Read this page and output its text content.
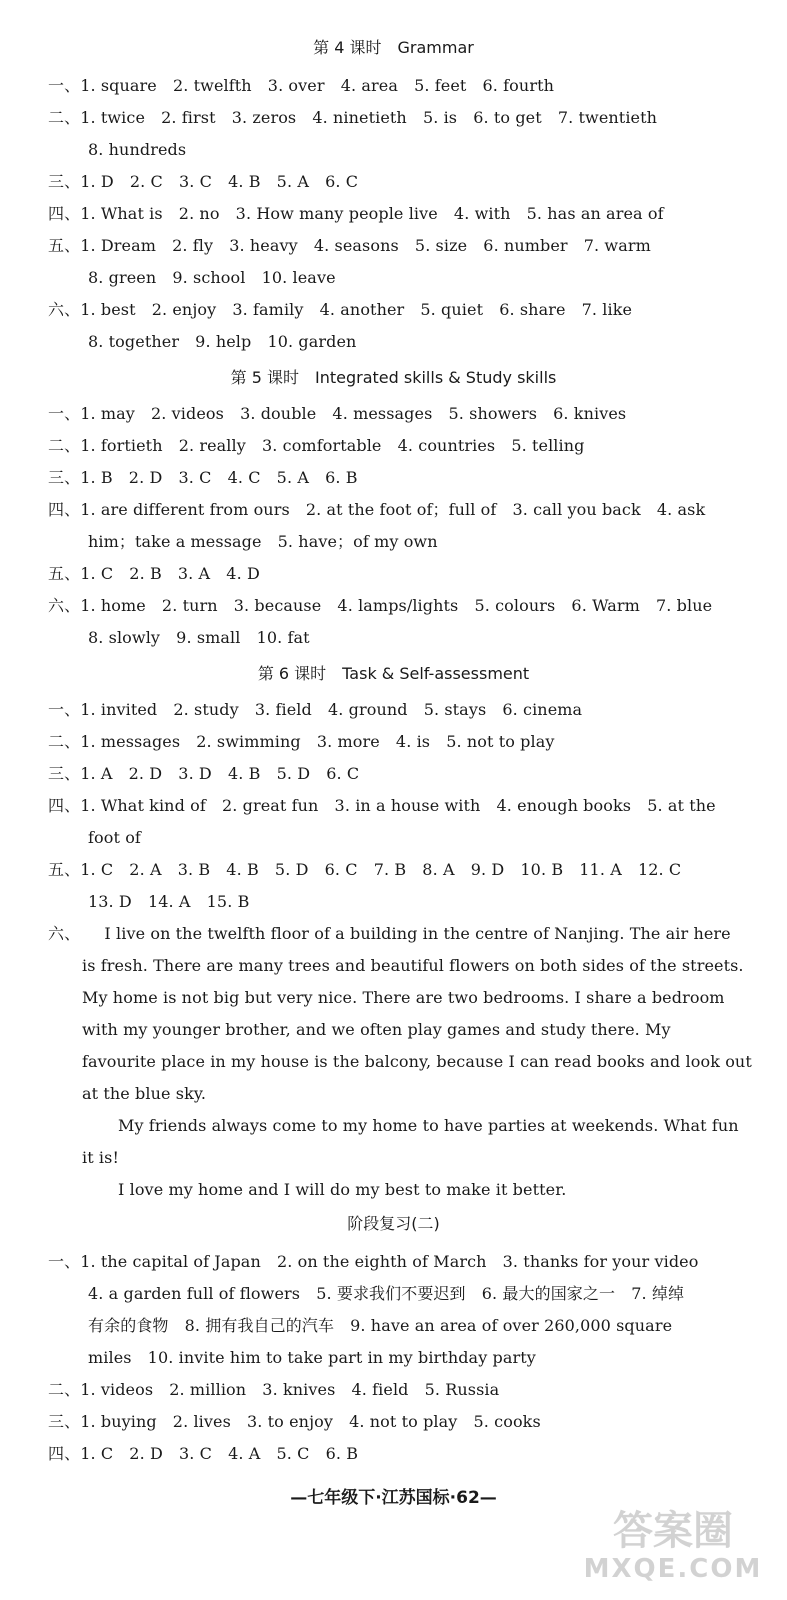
第 4 课时 Grammar
一、1. square　2. twelfth　3. over　4. area　5. feet　6. fourth
二、1. twice　2. first　3. zeros　4. ninetieth　5. is　6. to get　7. twentieth
8. hundreds
三、1. D　2. C　3. C　4. B　5. A　6. C
四、1. What is　2. no　3. How many people live　4. with　5. has an area of
五、1. Dream　2. fly　3. heavy　4. seasons　5. size　6. number　7. warm
8. green　9. school　10. leave
六、1. best　2. enjoy　3. family　4. another　5. quiet　6. share　7. like
8. together　9. help　10. garden
第 5 课时 Integrated skills & Study skills
一、1. may　2. videos　3. double　4. messages　5. showers　6. knives
二、1. fortieth　2. really　3. comfortable　4. countries　5. telling
三、1. B　2. D　3. C　4. C　5. A　6. B
四、1. are different from ours　2. at the foot of；full of　3. call you back　4. ask
him；take a message　5. have；of my own
五、1. C　2. B　3. A　4. D
六、1. home　2. turn　3. because　4. lamps/lights　5. colours　6. Warm　7. blue
8. slowly　9. small　10. fat
第 6 课时 Task & Self-assessment
一、1. invited　2. study　3. field　4. ground　5. stays　6. cinema
二、1. messages　2. swimming　3. more　4. is　5. not to play
三、1. A　2. D　3. D　4. B　5. D　6. C
四、1. What kind of　2. great fun　3. in a house with　4. enough books　5. at the
foot of
五、1. C　2. A　3. B　4. B　5. D　6. C　7. B　8. A　9. D　10. B　11. A　12. C
13. D　14. A　15. B
六、　　I live on the twelfth floor of a building in the centre of Nanjing. The air here
is fresh. There are many trees and beautiful flowers on both sides of the streets.
My home is not big but very nice. There are two bedrooms. I share a bedroom
with my younger brother, and we often play games and study there. My
favourite place in my house is the balcony, because I can read books and look out
at the blue sky.
My friends always come to my home to have parties at weekends. What fun
it is!
I love my home and I will do my best to make it better.
阶段复习(二)
一、1. the capital of Japan　2. on the eighth of March　3. thanks for your video
4. a garden full of flowers　5. 要求我们不要迟到　6. 最大的国家之一　7. 绰绰
有余的食物　8. 拥有我自己的汽车　9. have an area of over 260,000 square
miles　10. invite him to take part in my birthday party
二、1. videos　2. million　3. knives　4. field　5. Russia
三、1. buying　2. lives　3. to enjoy　4. not to play　5. cooks
四、1. C　2. D　3. C　4. A　5. C　6. B
—七年级下·江苏国标·62—
答案圈
MXQE.COM
